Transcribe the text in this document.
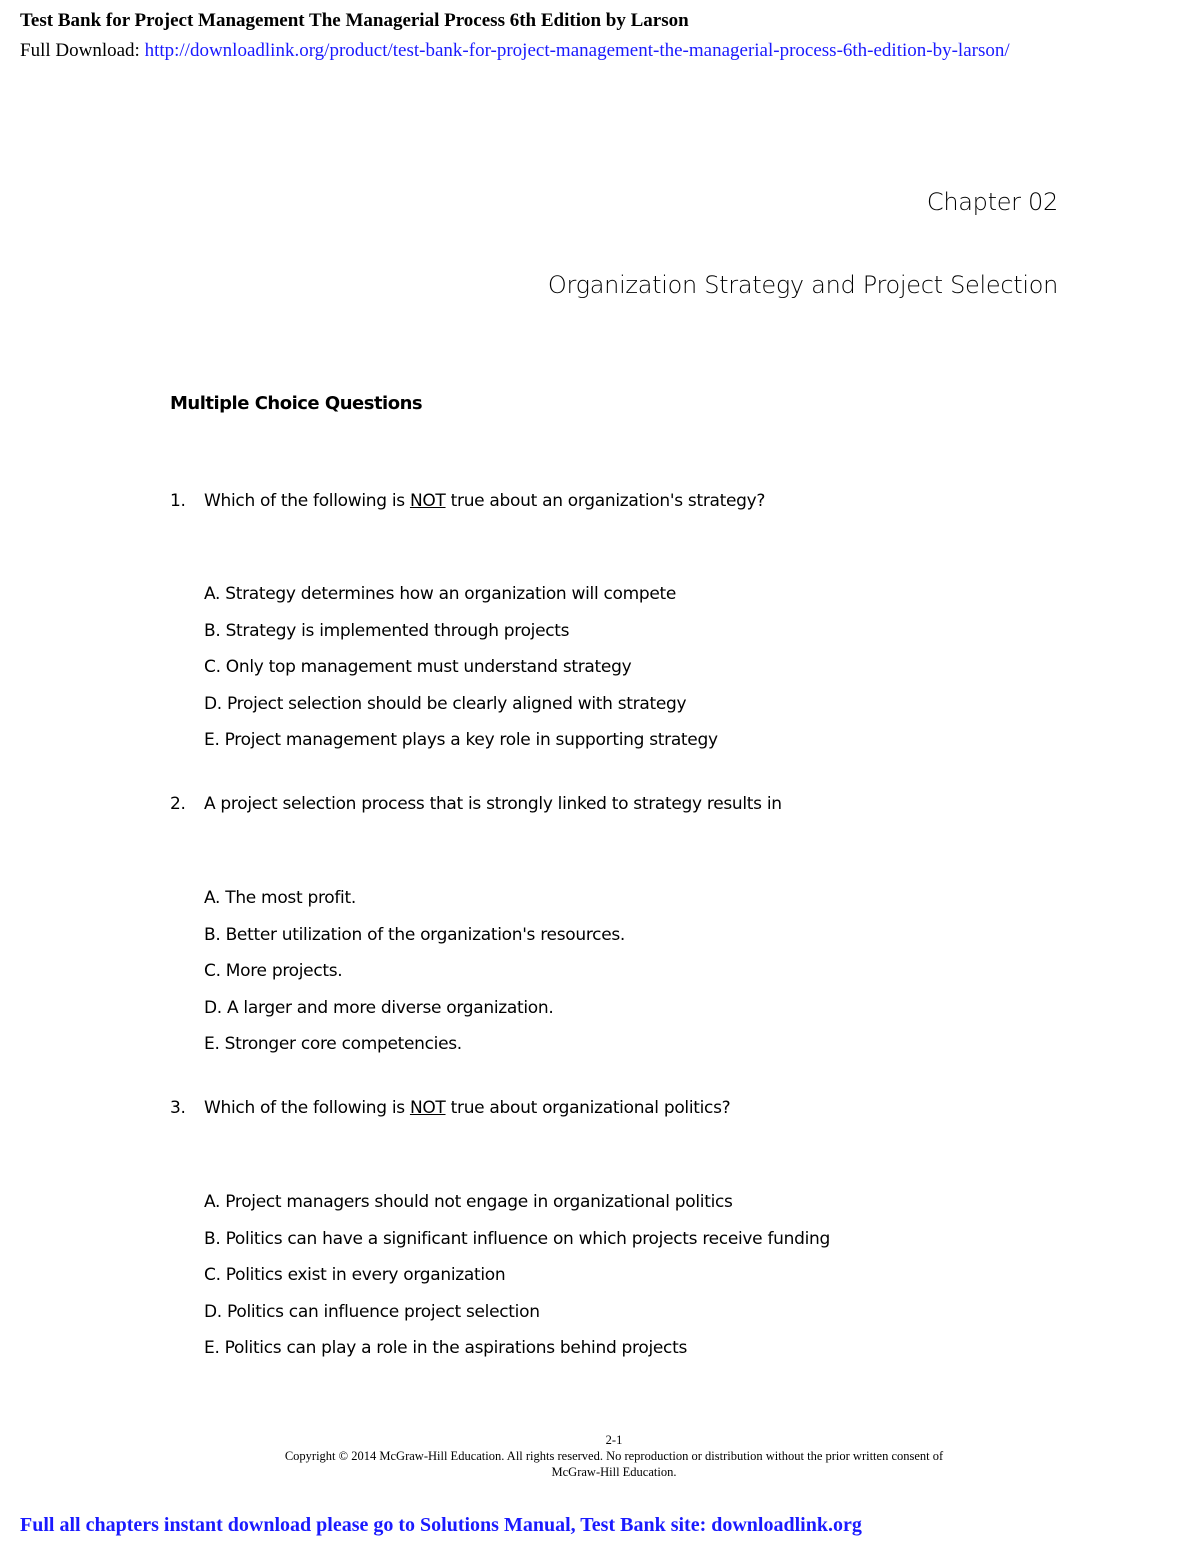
Test Bank for Project Management The Managerial Process 6th Edition by Larson
Full Download: http://downloadlink.org/product/test-bank-for-project-management-the-managerial-process-6th-edition-by-larson/
Chapter 02
Organization Strategy and Project Selection
Multiple Choice Questions
1. Which of the following is NOT true about an organization's strategy?
A. Strategy determines how an organization will compete
B. Strategy is implemented through projects
C. Only top management must understand strategy
D. Project selection should be clearly aligned with strategy
E. Project management plays a key role in supporting strategy
2. A project selection process that is strongly linked to strategy results in
A. The most profit.
B. Better utilization of the organization's resources.
C. More projects.
D. A larger and more diverse organization.
E. Stronger core competencies.
3. Which of the following is NOT true about organizational politics?
A. Project managers should not engage in organizational politics
B. Politics can have a significant influence on which projects receive funding
C. Politics exist in every organization
D. Politics can influence project selection
E. Politics can play a role in the aspirations behind projects
2-1
Copyright © 2014 McGraw-Hill Education. All rights reserved. No reproduction or distribution without the prior written consent of
McGraw-Hill Education.
Full all chapters instant download please go to Solutions Manual, Test Bank site: downloadlink.org
